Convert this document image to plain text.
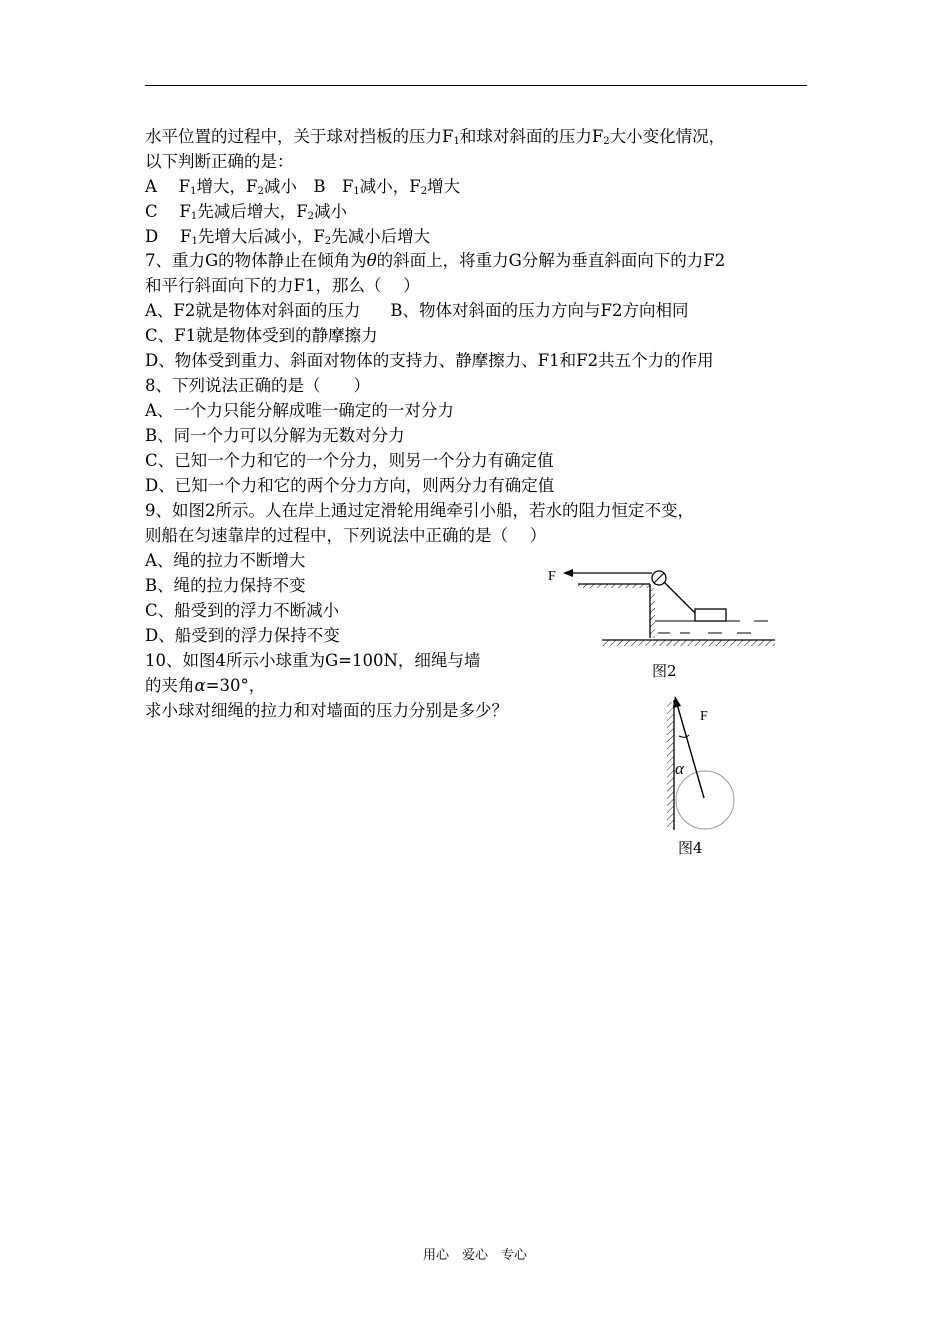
水平位置的过程中，关于球对挡板的压力$F_1$和球对斜面的压力$F_2$大小变化情况，
以下判断正确的是：
A　 $F_1$增大，$F_2$减小　B　$F_1$减小，$F_2$增大
C　 $F_1$先减后增大，$F_2$减小
D　 $F_1$先增大后减小，$F_2$先减小后增大
7、重力G的物体静止在倾角为θ的斜面上，将重力G分解为垂直斜面向下的力F2
和平行斜面向下的力F1，那么（　 ）
A、F2就是物体对斜面的压力 B、物体对斜面的压力方向与F2方向相同
C、F1就是物体受到的静摩擦力
D、物体受到重力、斜面对物体的支持力、静摩擦力、F1和F2共五个力的作用
8、下列说法正确的是（　　）
A、一个力只能分解成唯一确定的一对分力
B、同一个力可以分解为无数对分力
C、已知一个力和它的一个分力，则另一个分力有确定值
D、已知一个力和它的两个分力方向，则两分力有确定值
9、如图2所示。人在岸上通过定滑轮用绳牵引小船，若水的阻力恒定不变，
则船在匀速靠岸的过程中，下列说法中正确的是（　 ）
A、绳的拉力不断增大
B、绳的拉力保持不变
C、船受到的浮力不断减小
D、船受到的浮力保持不变
10、如图4所示小球重为G=100N，细绳与墙
的夹角α=30°，
求小球对细绳的拉力和对墙面的压力分别是多少？
F
图2
F
α
图4
用心　爱心　专心
